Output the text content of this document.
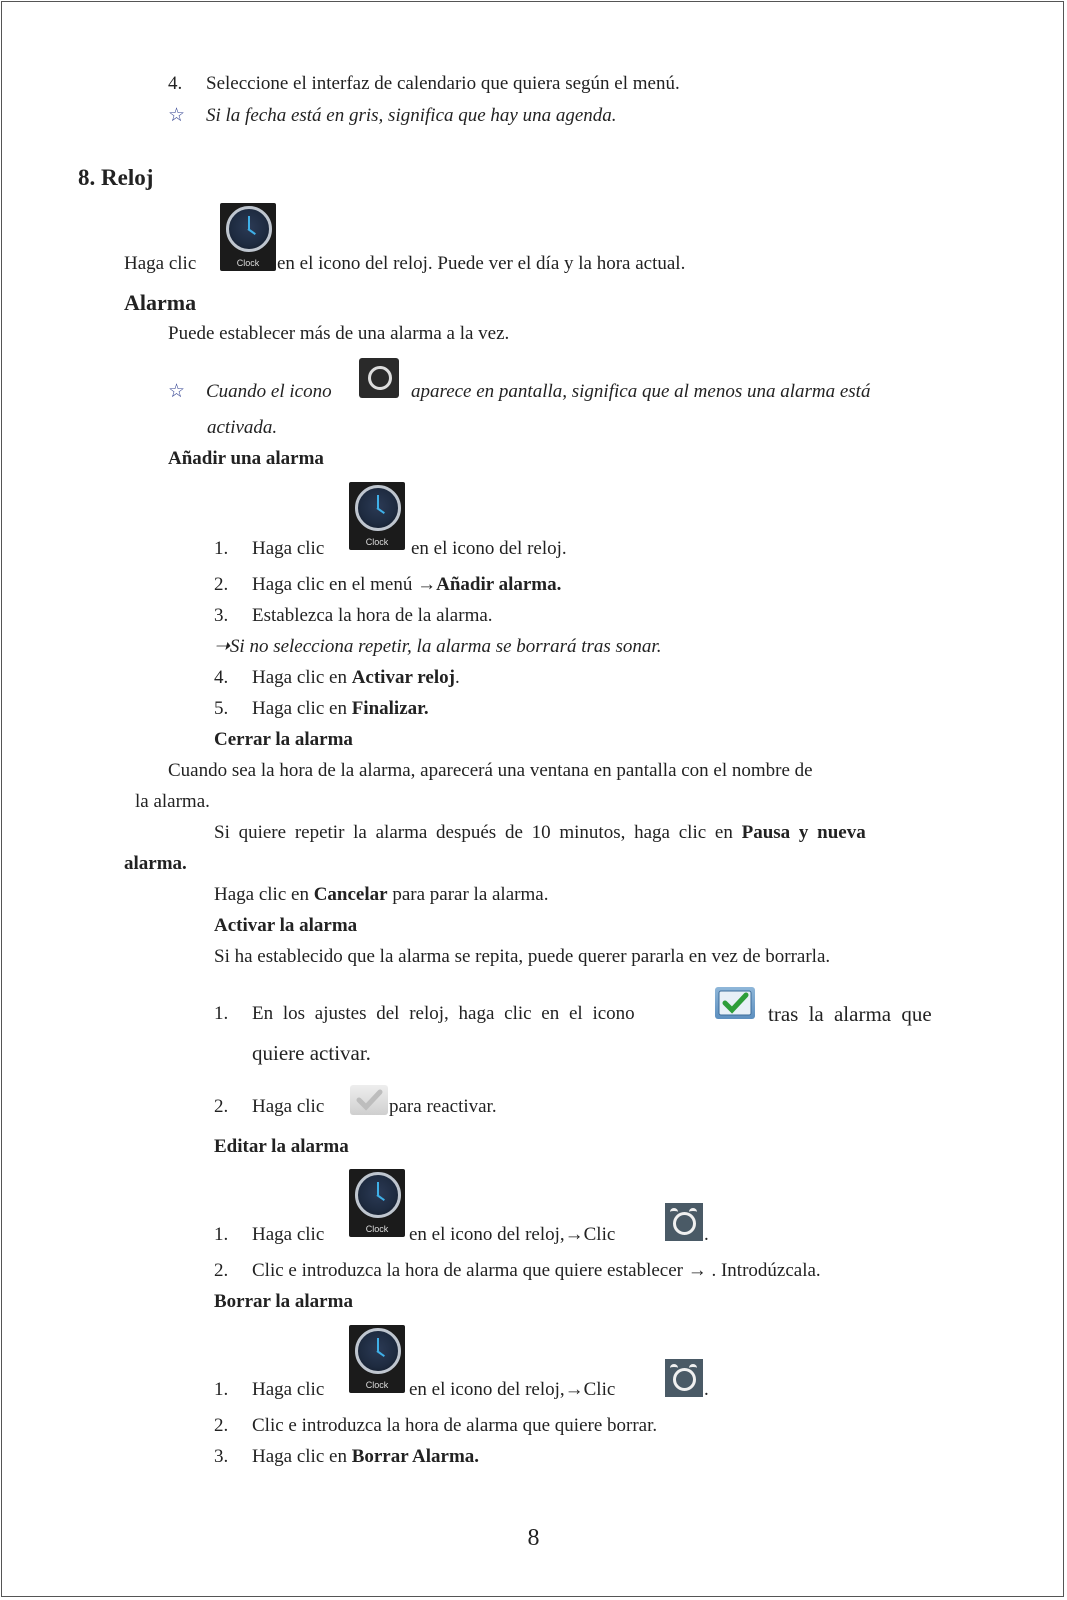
4. Seleccione el interfaz de calendario que quiera según el menú.
☆ Si la fecha está en gris, significa que hay una agenda.
8. Reloj
Haga clic	Clock en el icono del reloj. Puede ver el día y la hora actual.
Alarma
Puede establecer más de una alarma a la vez.
☆ Cuando el icono	aparece en pantalla, significa que al menos una alarma está
activada.
Añadir una alarma
1. Haga clic	Clock	en el icono del reloj.
2. Haga clic en el menú →Añadir alarma.
3. Establezca la hora de la alarma.
➝Si no selecciona repetir, la alarma se borrará tras sonar.
4. Haga clic en Activar reloj.
5. Haga clic en Finalizar.
Cerrar la alarma
Cuando sea la hora de la alarma, aparecerá una ventana en pantalla con el nombre de
la alarma.
Si quiere repetir la alarma después de 10 minutos, haga clic en Pausa y nueva
alarma.
Haga clic en Cancelar para parar la alarma.
Activar la alarma
Si ha establecido que la alarma se repita, puede querer pararla en vez de borrarla.
1. En los ajustes del reloj, haga clic en el icono	tras la alarma que
quiere activar.
2. Haga clic	para reactivar.
Editar la alarma
1. Haga clic	Clock	en el icono del reloj,→Clic	.
2. Clic e introduzca la hora de alarma que quiere establecer → . Introdúzcala.
Borrar la alarma
1. Haga clic	Clock	en el icono del reloj,→Clic	.
2. Clic e introduzca la hora de alarma que quiere borrar.
3. Haga clic en Borrar Alarma.
8
